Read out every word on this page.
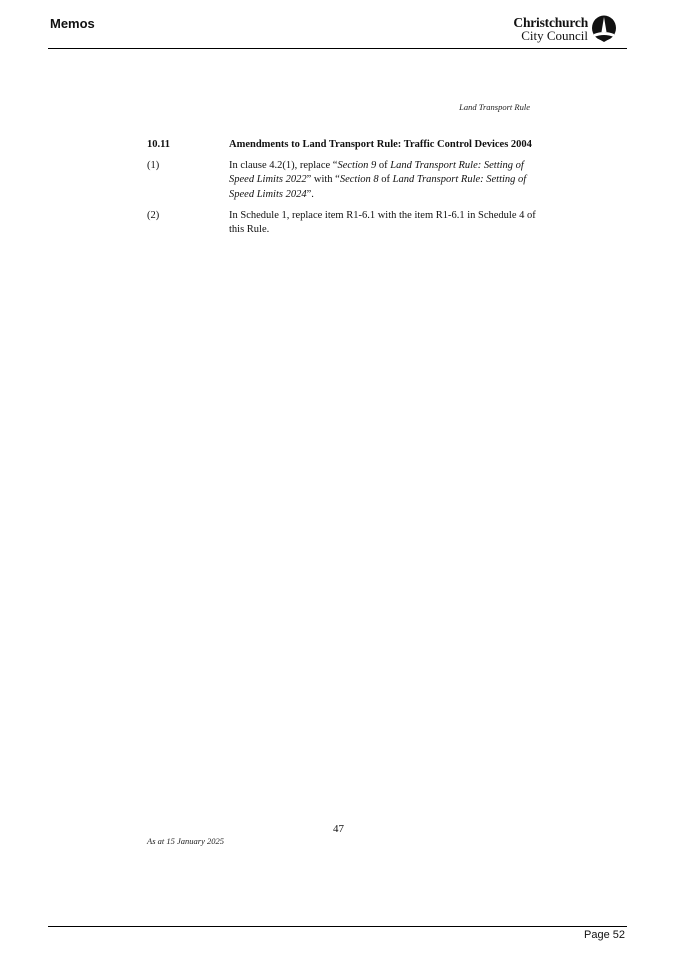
Memos	Christchurch
City Council
Land Transport Rule
10.11	Amendments to Land Transport Rule: Traffic Control Devices 2004
(1)	In clause 4.2(1), replace “Section 9 of Land Transport Rule: Setting of Speed Limits 2022” with “Section 8 of Land Transport Rule: Setting of Speed Limits 2024”.
(2)	In Schedule 1, replace item R1-6.1 with the item R1-6.1 in Schedule 4 of this Rule.
47
As at 15 January 2025
Page 52
